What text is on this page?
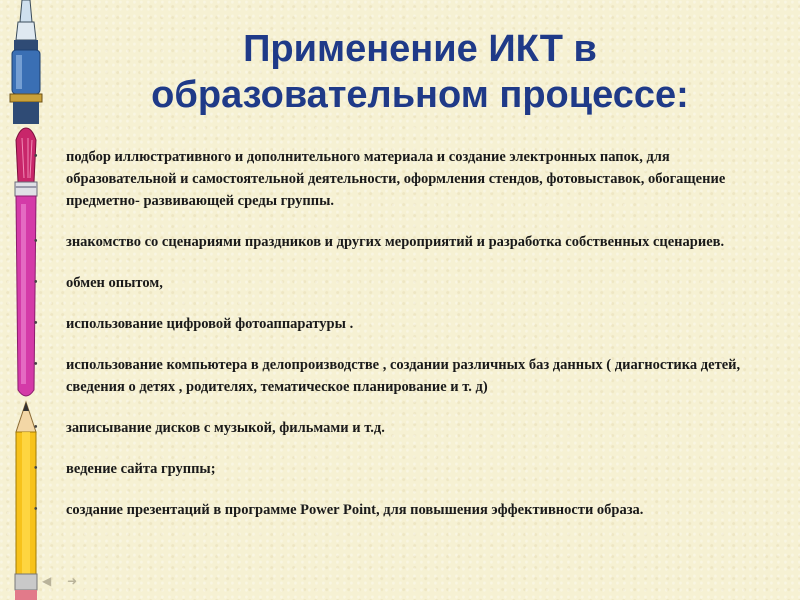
Применение ИКТ в
образовательном процессе:
• подбор иллюстративного и дополнительного материала и создание электронных папок, для образовательной и самостоятельной деятельности, оформления стендов, фотовыставок, обогащение предметно- развивающей среды группы.
• знакомство со сценариями праздников и других мероприятий и разработка собственных сценариев.
• обмен опытом,
• использование цифровой фотоаппаратуры .
• использование компьютера в делопроизводстве , создании различных баз данных ( диагностика детей, сведения о детях , родителях, тематическое планирование и т. д)
• записывание дисков с музыкой, фильмами и т.д.
• ведение сайта группы;
• создание презентаций в программе Power Point, для повышения эффективности образа.
◀ ➜
